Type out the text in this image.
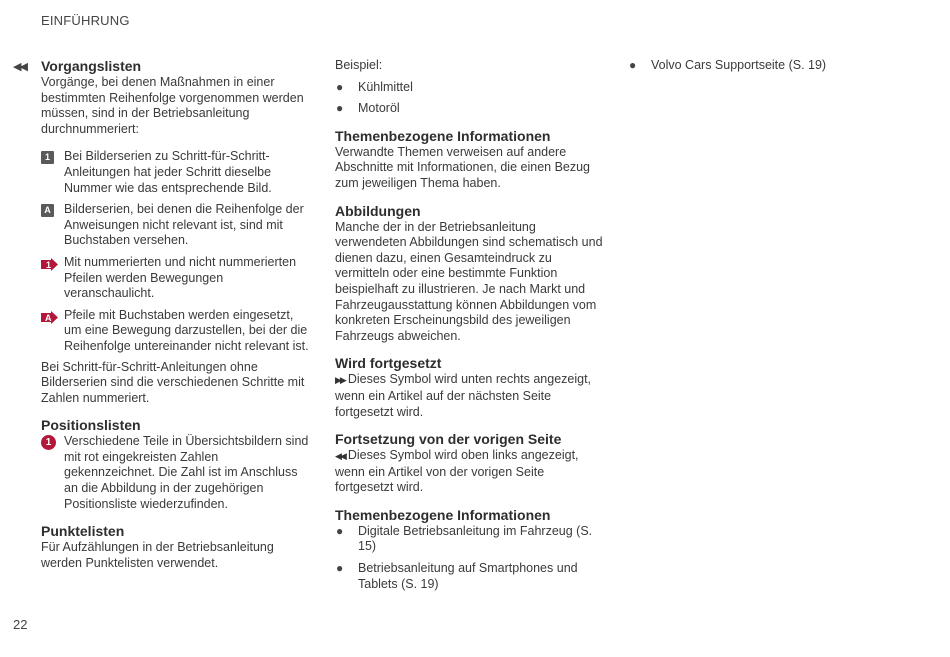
EINFÜHRUNG
◀◀ Vorgangslisten

Vorgänge, bei denen Maßnahmen in einer bestimmten Reihenfolge vorgenommen werden müssen, sind in der Betriebsanleitung durchnummeriert:

1	Bei Bilderserien zu Schritt-für-Schritt-Anleitungen hat jeder Schritt dieselbe Nummer wie das entsprechende Bild.
A Bilderserien, bei denen die Reihenfolge der Anweisungen nicht relevant ist, sind mit Buchstaben versehen.
1 Mit nummerierten und nicht nummerierten Pfeilen werden Bewegungen veranschaulicht.
A Pfeile mit Buchstaben werden eingesetzt, um eine Bewegung darzustellen, bei der die Reihenfolge untereinander nicht relevant ist.

Bei Schritt-für-Schritt-Anleitungen ohne Bilderserien sind die verschiedenen Schritte mit Zahlen nummeriert.

Positionslisten
1	Verschiedene Teile in Übersichtsbildern sind mit rot eingekreisten Zahlen gekennzeichnet. Die Zahl ist im Anschluss an die Abbildung in der zugehörigen Positionsliste wiederzufinden.
Punktelisten

Für Aufzählungen in der Betriebsanleitung werden Punktelisten verwendet.

Beispiel:

● Kühlmittel
● Motoröl
Themenbezogene Informationen

Verwandte Themen verweisen auf andere Abschnitte mit Informationen, die einen Bezug zum jeweiligen Thema haben.

Abbildungen

Manche der in der Betriebsanleitung verwendeten Abbildungen sind schematisch und dienen dazu, einen Gesamteindruck zu vermitteln oder eine bestimmte Funktion beispielhaft zu illustrieren. Je nach Markt und Fahrzeugausstattung können Abbildungen vom konkreten Erscheinungsbild des jeweiligen Fahrzeugs abweichen.

Wird fortgesetzt

▶▶ Dieses Symbol wird unten rechts angezeigt, wenn ein Artikel auf der nächsten Seite fortgesetzt wird.

Fortsetzung von der vorigen Seite

◀◀ Dieses Symbol wird oben links angezeigt, wenn ein Artikel von der vorigen Seite fortgesetzt wird.

Themenbezogene Informationen
● Digitale Betriebsanleitung im Fahrzeug (S. 15)
● Betriebsanleitung auf Smartphones und Tablets (S. 19)
● Volvo Cars Supportseite (S. 19)
22
